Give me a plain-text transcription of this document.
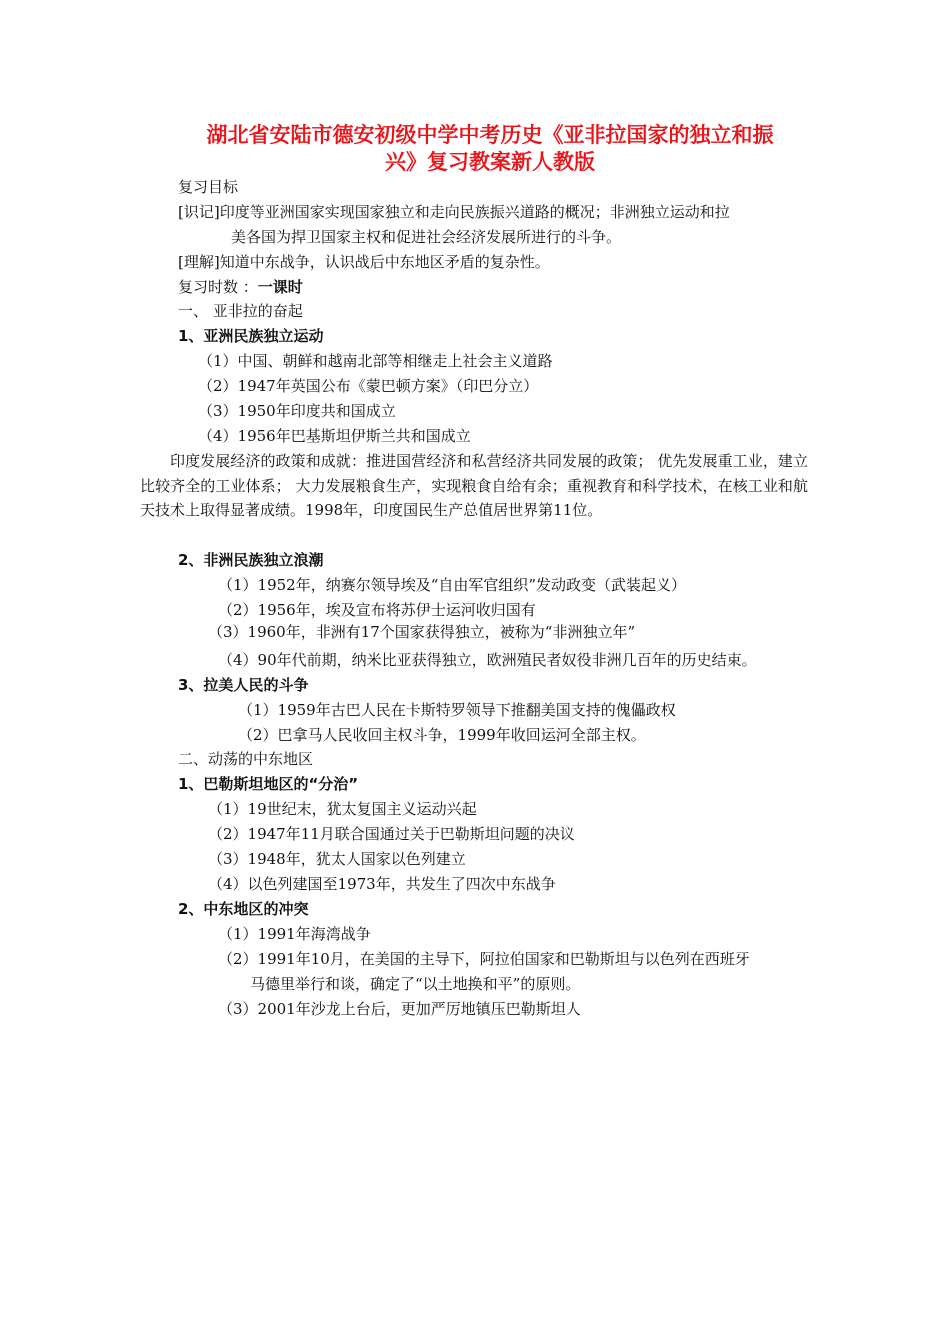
湖北省安陆市德安初级中学中考历史《亚非拉国家的独立和振
兴》复习教案新人教版
复习目标
[识记]印度等亚洲国家实现国家独立和走向民族振兴道路的概况；非洲独立运动和拉
美各国为捍卫国家主权和促进社会经济发展所进行的斗争。
[理解]知道中东战争，认识战后中东地区矛盾的复杂性。
复习时数 ：一课时
一、 亚非拉的奋起
1、亚洲民族独立运动
（1）中国、朝鲜和越南北部等相继走上社会主义道路
（2）1947年英国公布《蒙巴顿方案》（印巴分立）
（3）1950年印度共和国成立
（4）1956年巴基斯坦伊斯兰共和国成立
印度发展经济的政策和成就：推进国营经济和私营经济共同发展的政策； 优先发展重工业，建立比较齐全的工业体系； 大力发展粮食生产，实现粮食自给有余；重视教育和科学技术，在核工业和航天技术上取得显著成绩。1998年，印度国民生产总值居世界第11位。
2、非洲民族独立浪潮
（1）1952年，纳赛尔领导埃及“自由军官组织”发动政变（武装起义）
（2）1956年，埃及宣布将苏伊士运河收归国有
（3）1960年，非洲有17个国家获得独立，被称为“非洲独立年”
（4）90年代前期，纳米比亚获得独立，欧洲殖民者奴役非洲几百年的历史结束。
3、拉美人民的斗争
（1）1959年古巴人民在卡斯特罗领导下推翻美国支持的傀儡政权
（2）巴拿马人民收回主权斗争，1999年收回运河全部主权。
二、动荡的中东地区
1、巴勒斯坦地区的“分治”
（1）19世纪末，犹太复国主义运动兴起
（2）1947年11月联合国通过关于巴勒斯坦问题的决议
（3）1948年，犹太人国家以色列建立
（4）以色列建国至1973年，共发生了四次中东战争
2、中东地区的冲突
（1）1991年海湾战争
（2）1991年10月，在美国的主导下，阿拉伯国家和巴勒斯坦与以色列在西班牙
马德里举行和谈，确定了“以土地换和平”的原则。
（3）2001年沙龙上台后，更加严厉地镇压巴勒斯坦人
